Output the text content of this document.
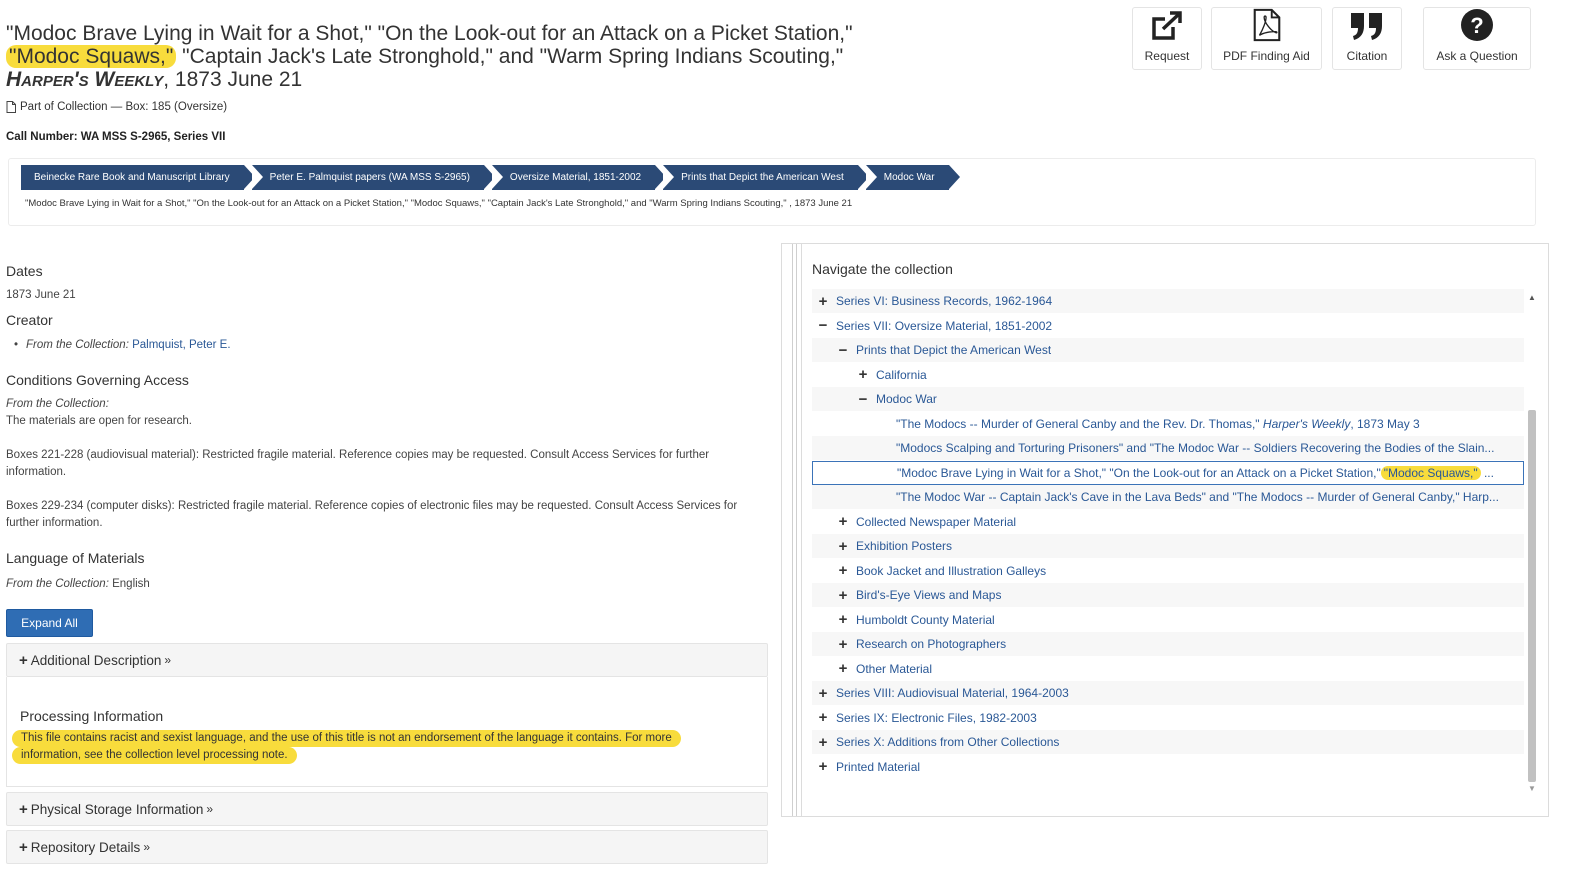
"Modoc Brave Lying in Wait for a Shot," "On the Look-out for an Attack on a Picket Station," "Modoc Squaws," "Captain Jack's Late Stronghold," and "Warm Spring Indians Scouting," Harper's Weekly, 1873 June 21
Part of Collection — Box: 185 (Oversize)
Call Number: WA MSS S-2965, Series VII
Request	PDF Finding Aid	Citation
?
Ask a Question
Beinecke Rare Book and Manuscript Library	Peter E. Palmquist papers (WA MSS S-2965)	Oversize Material, 1851-2002	Prints that Depict the American West	Modoc War
"Modoc Brave Lying in Wait for a Shot," "On the Look-out for an Attack on a Picket Station," "Modoc Squaws," "Captain Jack's Late Stronghold," and "Warm Spring Indians Scouting," , 1873 June 21
Dates
1873 June 21
Creator
• From the Collection: Palmquist, Peter E.
Conditions Governing Access
From the Collection:
The materials are open for research.
Boxes 221-228 (audiovisual material): Restricted fragile material. Reference copies may be requested. Consult Access Services for further information.
Boxes 229-234 (computer disks): Restricted fragile material. Reference copies of electronic files may be requested. Consult Access Services for further information.
Language of Materials
From the Collection: English
Expand All
+ Additional Description »
Processing Information
This file contains racist and sexist language, and the use of this title is not an endorsement of the language it contains. For more
information, see the collection level processing note.
+ Physical Storage Information »
+ Repository Details »
Navigate the collection
+ Series VI: Business Records, 1962-1964
− Series VII: Oversize Material, 1851-2002
− Prints that Depict the American West
+ California
− Modoc War
"The Modocs -- Murder of General Canby and the Rev. Dr. Thomas," Harper's Weekly, 1873 May 3
"Modocs Scalping and Torturing Prisoners" and "The Modoc War -- Soldiers Recovering the Bodies of the Slain...
"Modoc Brave Lying in Wait for a Shot," "On the Look-out for an Attack on a Picket Station," "Modoc Squaws," ...
"The Modoc War -- Captain Jack's Cave in the Lava Beds" and "The Modocs -- Murder of General Canby," Harp...
+ Collected Newspaper Material
+ Exhibition Posters
+ Book Jacket and Illustration Galleys
+ Bird's-Eye Views and Maps
+ Humboldt County Material
+ Research on Photographers
+ Other Material
+ Series VIII: Audiovisual Material, 1964-2003
+ Series IX: Electronic Files, 1982-2003
+ Series X: Additions from Other Collections
+ Printed Material
▲
▼
